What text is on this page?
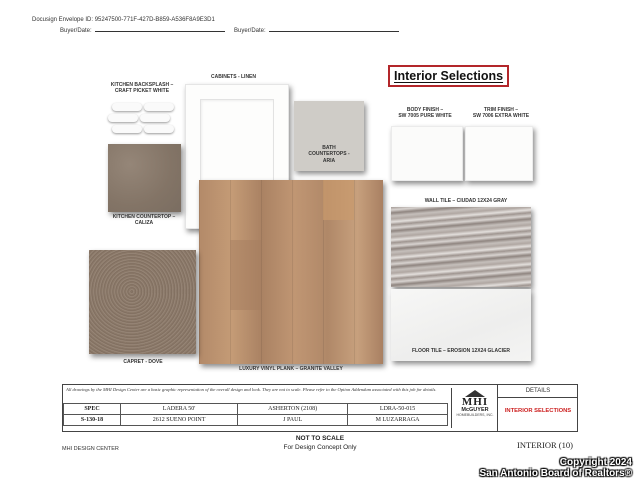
Docusign Envelope ID: 95247500-771F-427D-B859-A536F8A9E3D1
Buyer/Date:	Buyer/Date:
Interior Selections
KITCHEN BACKSPLASH –
CRAFT PICKET WHITE
CABINETS - LINEN
BATH
COUNTERTOPS -
ARIA
BODY FINISH –
SW 7005 PURE WHITE
TRIM FINISH –
SW 7006 EXTRA WHITE
KITCHEN COUNTERTOP –
CALIZA
LUXURY VINYL PLANK – GRANITE VALLEY
WALL TILE – CIUDAD 12X24 GRAY
FLOOR TILE – EROSION 12X24 GLACIER
CAPRET - DOVE
All drawings by the MHI Design Center are a basic graphic representation of the overall design and look. They are not to scale. Please refer to the Option Addendum associated with this job for details.
SPEC	LADERA 50'	ASHERTON (2108)	LDRA-50-015
S-130-18	2612 SUENO POINT	J PAUL	M LUZARRAGA
MHI
McGUYER
HOMEBUILDERS, INC.
DETAILS
INTERIOR SELECTIONS
NOT TO SCALE
For Design Concept Only
MHI DESIGN CENTER	INTERIOR (10)
Copyright 2024
San Antonio Board of Realtors®
